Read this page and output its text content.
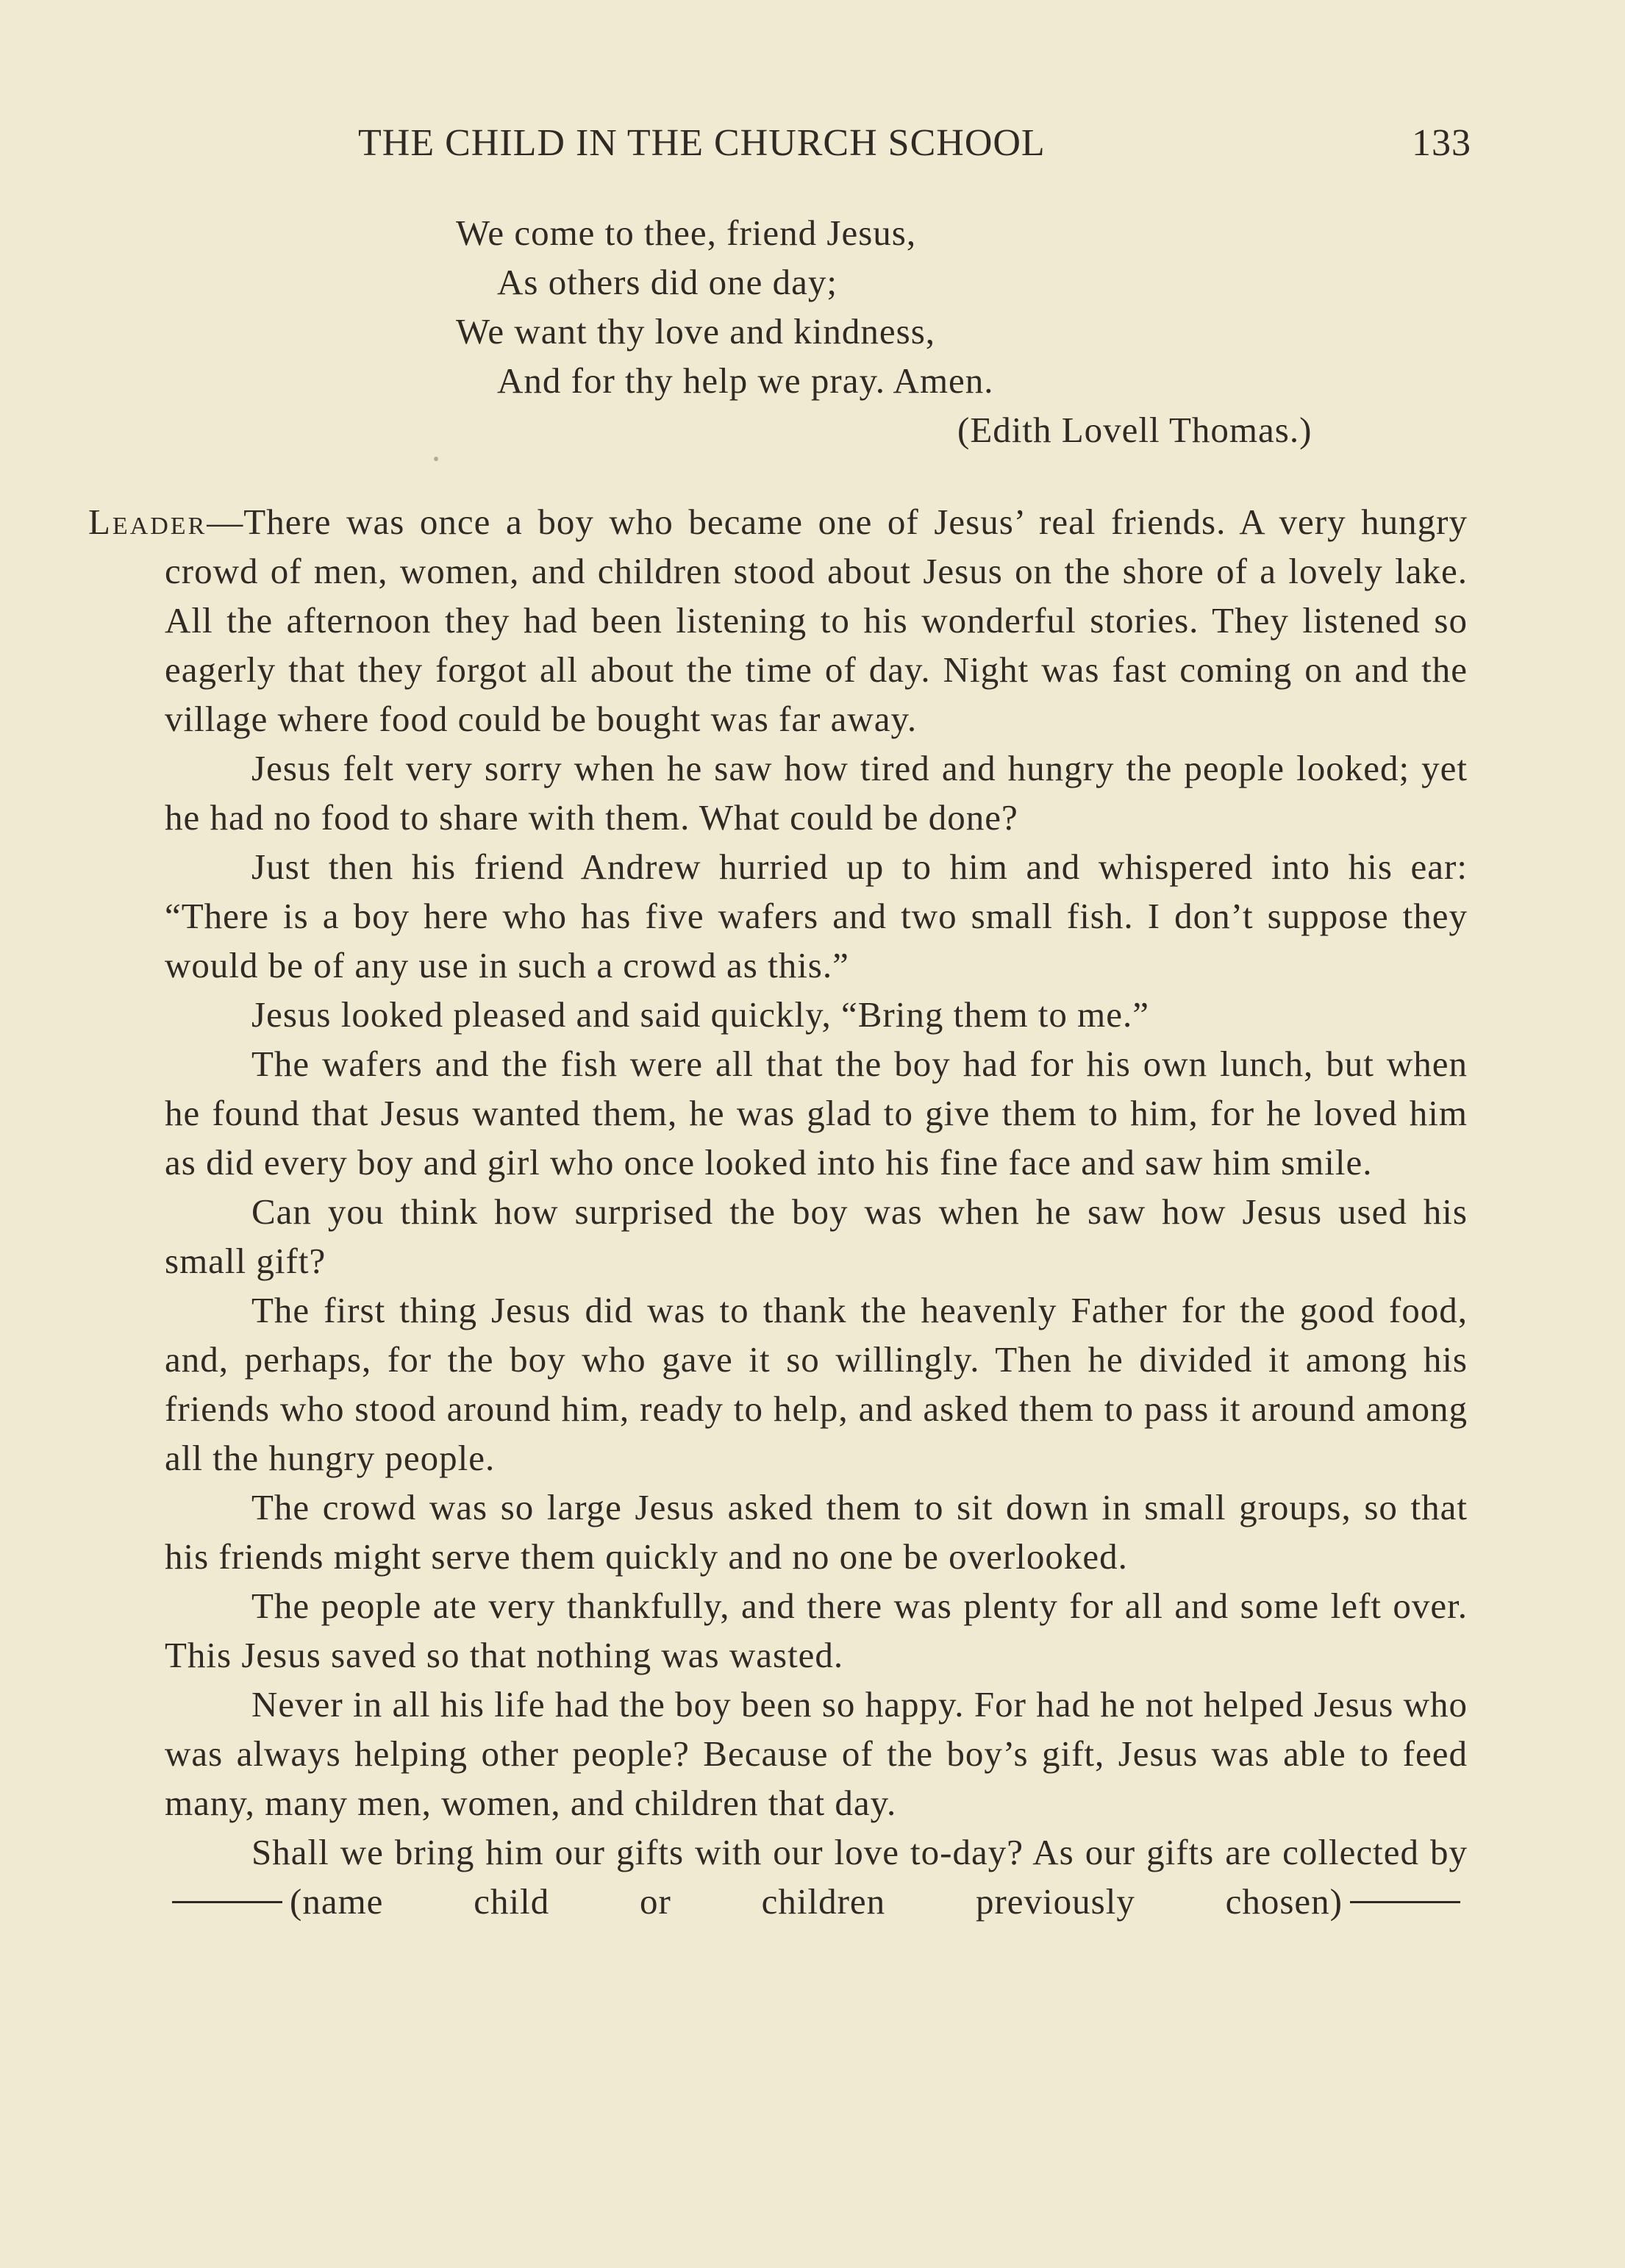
THE CHILD IN THE CHURCH SCHOOL	133
We come to thee, friend Jesus,
As others did one day;
We want thy love and kindness,
And for thy help we pray. Amen.
(Edith Lovell Thomas.)

Leader—There was once a boy who became one of Jesus’ real friends. A very hungry crowd of men, women, and children stood about Jesus on the shore of a lovely lake. All the afternoon they had been listening to his wonderful stories. They listened so eagerly that they forgot all about the time of day. Night was fast coming on and the village where food could be bought was far away.

Jesus felt very sorry when he saw how tired and hungry the people looked; yet he had no food to share with them. What could be done?

Just then his friend Andrew hurried up to him and whispered into his ear: “There is a boy here who has five wafers and two small fish. I don’t suppose they would be of any use in such a crowd as this.”

Jesus looked pleased and said quickly, “Bring them to me.”

The wafers and the fish were all that the boy had for his own lunch, but when he found that Jesus wanted them, he was glad to give them to him, for he loved him as did every boy and girl who once looked into his fine face and saw him smile.

Can you think how surprised the boy was when he saw how Jesus used his small gift?

The first thing Jesus did was to thank the heavenly Father for the good food, and, perhaps, for the boy who gave it so willingly. Then he divided it among his friends who stood around him, ready to help, and asked them to pass it around among all the hungry people.

The crowd was so large Jesus asked them to sit down in small groups, so that his friends might serve them quickly and no one be overlooked.

The people ate very thankfully, and there was plenty for all and some left over. This Jesus saved so that nothing was wasted.

Never in all his life had the boy been so happy. For had he not helped Jesus who was always helping other people? Because of the boy’s gift, Jesus was able to feed many, many men, women, and children that day.

Shall we bring him our gifts with our love to-day? As our gifts are collected by(name child or children previously chosen)
